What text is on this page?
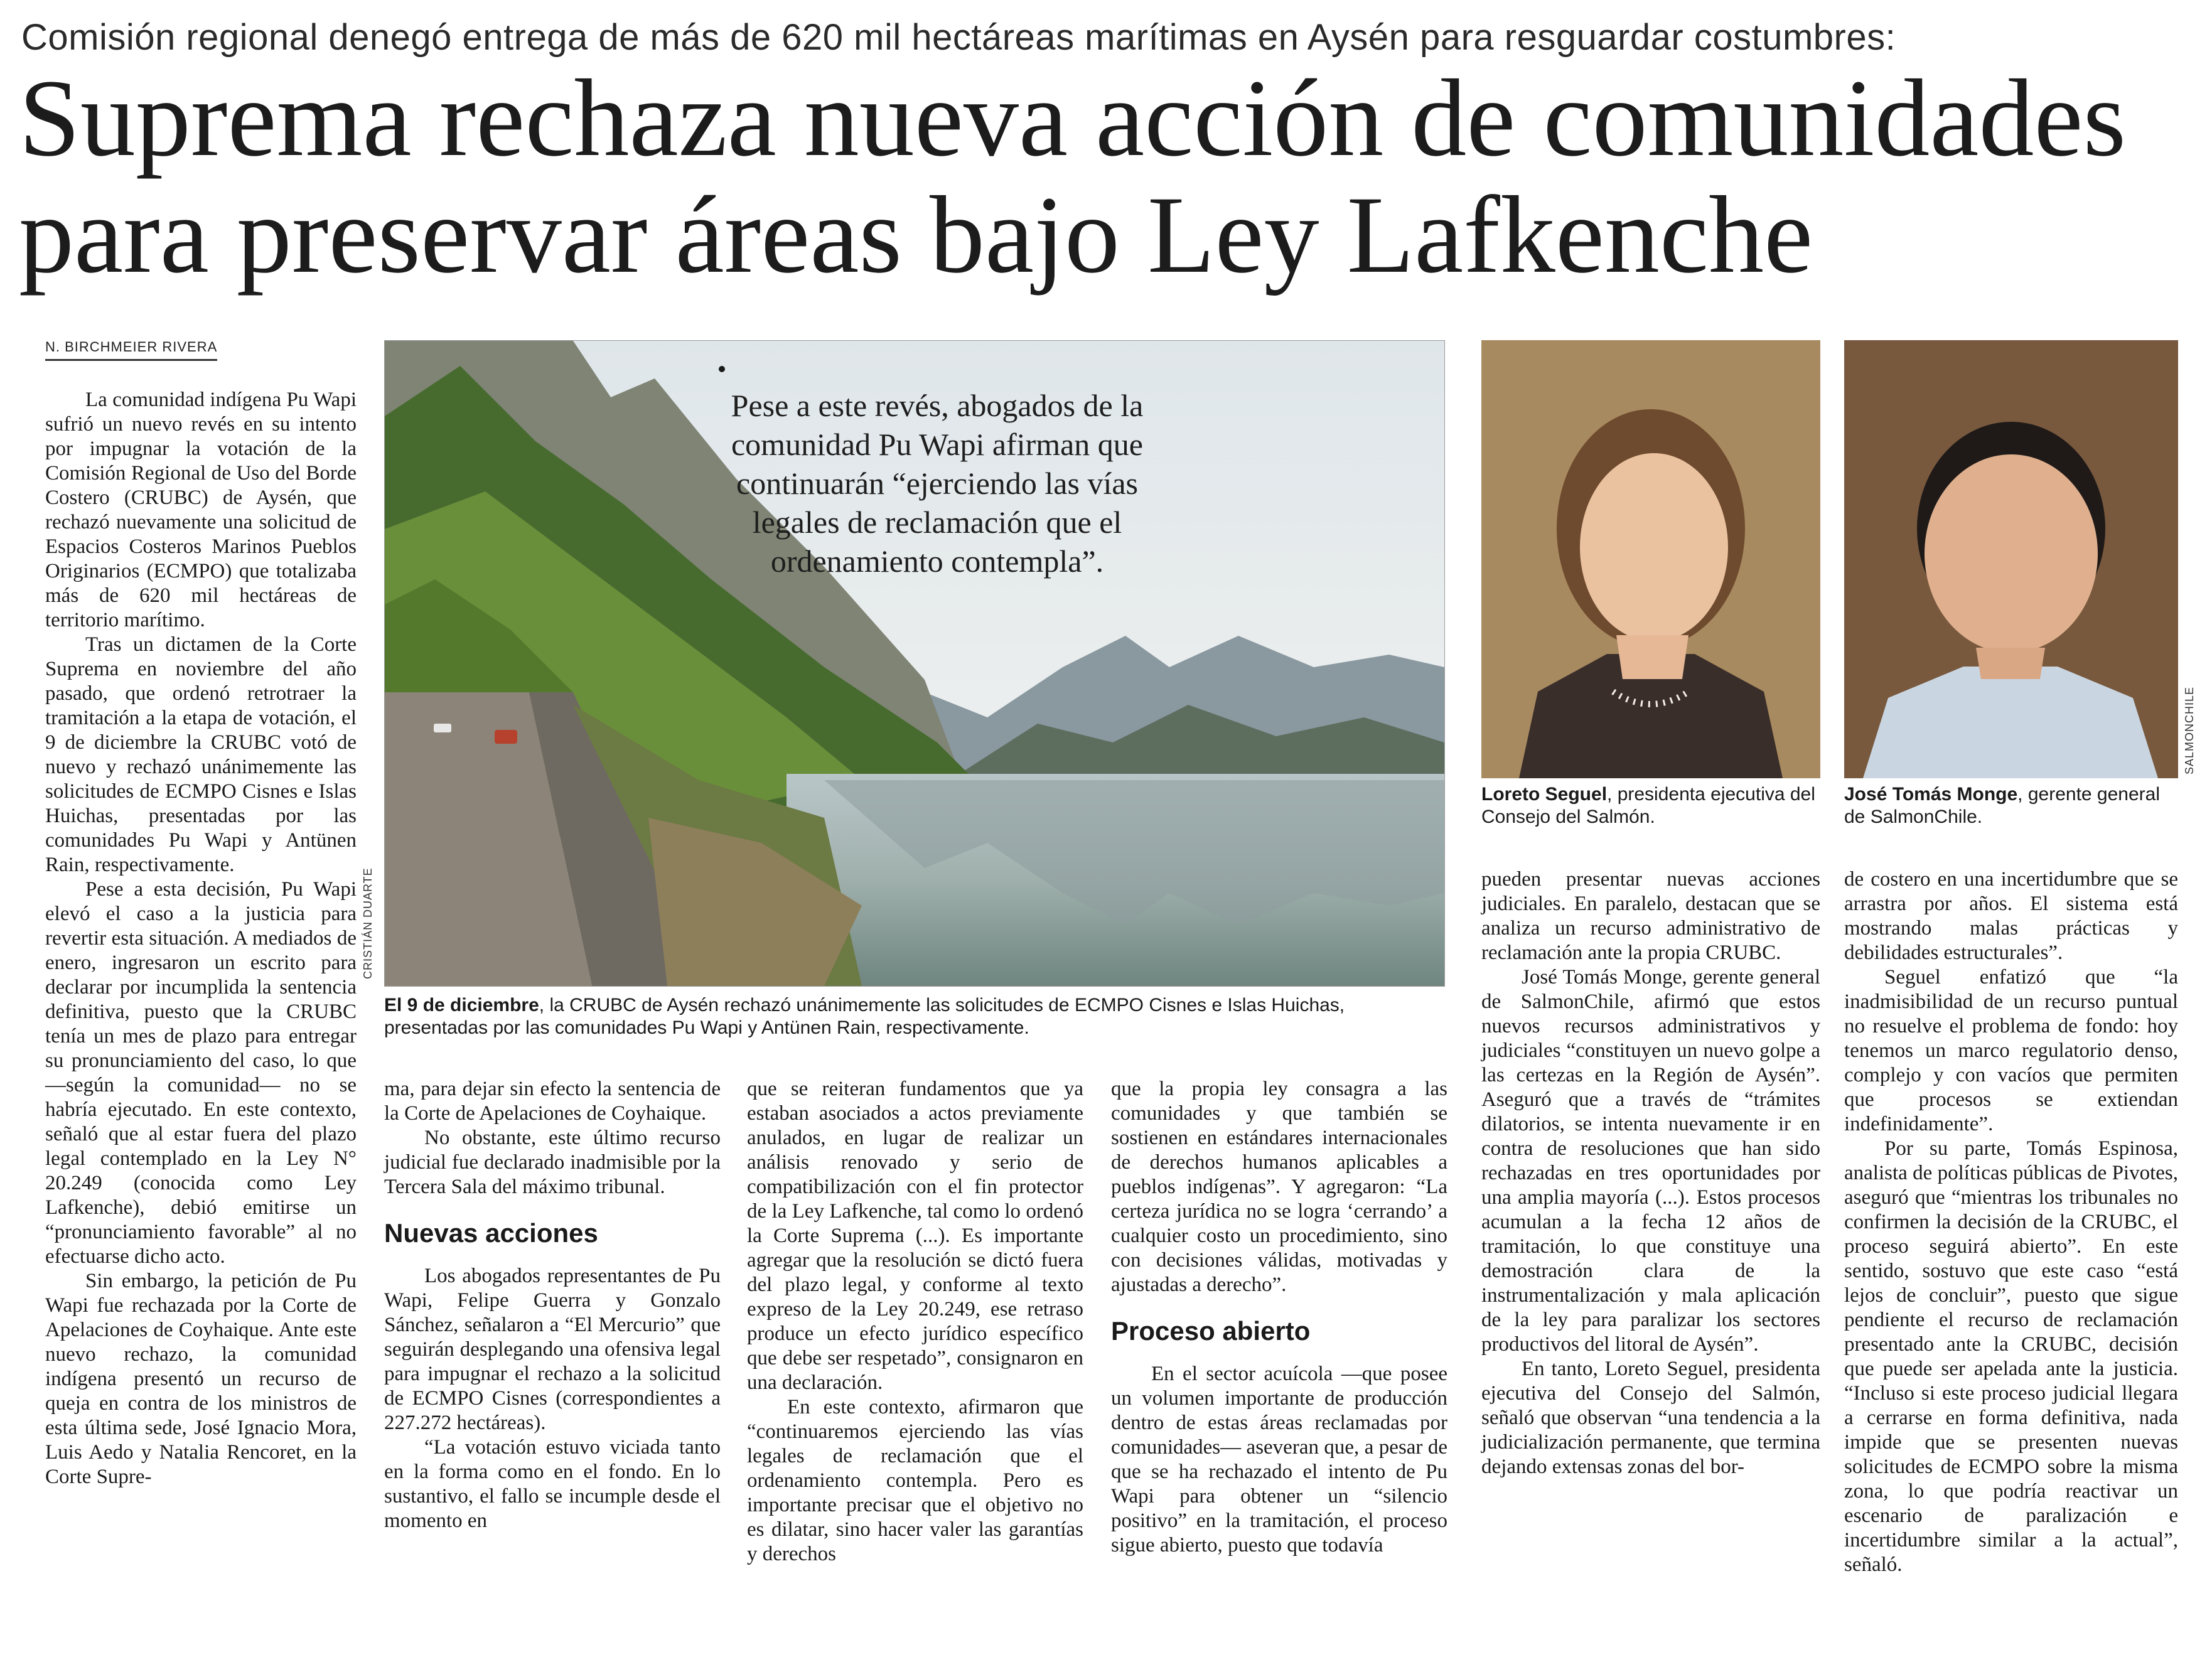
Comisión regional denegó entrega de más de 620 mil hectáreas marítimas en Aysén para resguardar costumbres:
Suprema rechaza nueva acción de comunidades
para preservar áreas bajo Ley Lafkenche
N. BIRCHMEIER RIVERA

La comunidad indígena Pu Wapi sufrió un nuevo revés en su intento por impugnar la votación de la Comisión Regional de Uso del Borde Costero (CRUBC) de Aysén, que rechazó nuevamente una solicitud de Espacios Costeros Marinos Pueblos Originarios (ECMPO) que totalizaba más de 620 mil hectáreas de territorio marítimo.

Tras un dictamen de la Corte Suprema en noviembre del año pasado, que ordenó retrotraer la tramitación a la etapa de votación, el 9 de diciembre la CRUBC votó de nuevo y rechazó unánimemente las solicitudes de ECMPO Cisnes e Islas Huichas, presentadas por las comunidades Pu Wapi y Antünen Rain, respectivamente.

Pese a esta decisión, Pu Wapi elevó el caso a la justicia para revertir esta situación. A mediados de enero, ingresaron un escrito para declarar por incumplida la sentencia definitiva, puesto que la CRUBC tenía un mes de plazo para entregar su pronunciamiento del caso, lo que —según la comunidad— no se habría ejecutado. En este contexto, señaló que al estar fuera del plazo legal contemplado en la Ley N° 20.249 (conocida como Ley Lafkenche), debió emitirse un “pronunciamiento favorable” al no efectuarse dicho acto.

Sin embargo, la petición de Pu Wapi fue rechazada por la Corte de Apelaciones de Coyhaique. Ante este nuevo rechazo, la comunidad indígena presentó un recurso de queja en contra de los ministros de esta última sede, José Ignacio Mora, Luis Aedo y Natalia Rencoret, en la Corte Supre-

Pese a este revés, abogados de la comunidad Pu Wapi afirman que continuarán “ejerciendo las vías legales de reclamación que el ordenamiento contempla”.
CRISTIÁN DUARTE
El 9 de diciembre, la CRUBC de Aysén rechazó unánimemente las solicitudes de ECMPO Cisnes e Islas Huichas, presentadas por las comunidades Pu Wapi y Antünen Rain, respectivamente.
Loreto Seguel, presidenta ejecutiva del Consejo del Salmón.
SALMONCHILE
José Tomás Monge, gerente general de SalmonChile.

ma, para dejar sin efecto la sentencia de la Corte de Apelaciones de Coyhaique.

No obstante, este último recurso judicial fue declarado inadmisible por la Tercera Sala del máximo tribunal.

Nuevas acciones

Los abogados representantes de Pu Wapi, Felipe Guerra y Gonzalo Sánchez, señalaron a “El Mercurio” que seguirán desplegando una ofensiva legal para impugnar el rechazo a la solicitud de ECMPO Cisnes (correspondientes a 227.272 hectáreas).

“La votación estuvo viciada tanto en la forma como en el fondo. En lo sustantivo, el fallo se incumple desde el momento en

que se reiteran fundamentos que ya estaban asociados a actos previamente anulados, en lugar de realizar un análisis renovado y serio de compatibilización con el fin protector de la Ley Lafkenche, tal como lo ordenó la Corte Suprema (...). Es importante agregar que la resolución se dictó fuera del plazo legal, y conforme al texto expreso de la Ley 20.249, ese retraso produce un efecto jurídico específico que debe ser respetado”, consignaron en una declaración.

En este contexto, afirmaron que “continuaremos ejerciendo las vías legales de reclamación que el ordenamiento contempla. Pero es importante precisar que el objetivo no es dilatar, sino hacer valer las garantías y derechos

que la propia ley consagra a las comunidades y que también se sostienen en estándares internacionales de derechos humanos aplicables a pueblos indígenas”. Y agregaron: “La certeza jurídica no se logra ‘cerrando’ a cualquier costo un procedimiento, sino con decisiones válidas, motivadas y ajustadas a derecho”.

Proceso abierto

En el sector acuícola —que posee un volumen importante de producción dentro de estas áreas reclamadas por comunidades— aseveran que, a pesar de que se ha rechazado el intento de Pu Wapi para obtener un “silencio positivo” en la tramitación, el proceso sigue abierto, puesto que todavía

pueden presentar nuevas acciones judiciales. En paralelo, destacan que se analiza un recurso administrativo de reclamación ante la propia CRUBC.

José Tomás Monge, gerente general de SalmonChile, afirmó que estos nuevos recursos administrativos y judiciales “constituyen un nuevo golpe a las certezas en la Región de Aysén”. Aseguró que a través de “trámites dilatorios, se intenta nuevamente ir en contra de resoluciones que han sido rechazadas en tres oportunidades por una amplia mayoría (...). Estos procesos acumulan a la fecha 12 años de tramitación, lo que constituye una demostración clara de la instrumentalización y mala aplicación de la ley para paralizar los sectores productivos del litoral de Aysén”.

En tanto, Loreto Seguel, presidenta ejecutiva del Consejo del Salmón, señaló que observan “una tendencia a la judicialización permanente, que termina dejando extensas zonas del bor-

de costero en una incertidumbre que se arrastra por años. El sistema está mostrando malas prácticas y debilidades estructurales”.

Seguel enfatizó que “la inadmisibilidad de un recurso puntual no resuelve el problema de fondo: hoy tenemos un marco regulatorio denso, complejo y con vacíos que permiten que procesos se extiendan indefinidamente”.

Por su parte, Tomás Espinosa, analista de políticas públicas de Pivotes, aseguró que “mientras los tribunales no confirmen la decisión de la CRUBC, el proceso seguirá abierto”. En este sentido, sostuvo que este caso “está lejos de concluir”, puesto que sigue pendiente el recurso de reclamación presentado ante la CRUBC, decisión que puede ser apelada ante la justicia. “Incluso si este proceso judicial llegara a cerrarse en forma definitiva, nada impide que se presenten nuevas solicitudes de ECMPO sobre la misma zona, lo que podría reactivar un escenario de paralización e incertidumbre similar a la actual”, señaló.
